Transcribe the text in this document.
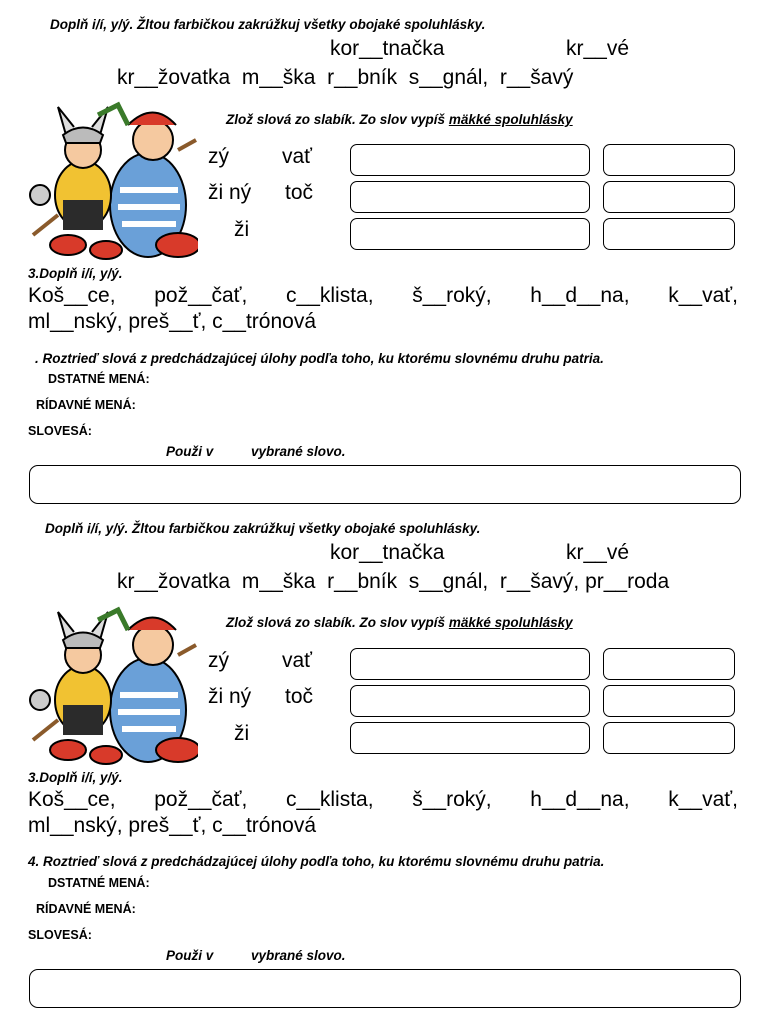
Doplň i/í, y/ý. Žltou farbičkou zakrúžkuj všetky obojaké spoluhlásky.
kor__tnačka	kr__vé
kr__žovatka  m__ška  r__bník  s__gnál,  r__šavý
Zlož slová zo slabík. Zo slov vypíš mäkké spoluhlásky
zý	vať
ži ný toč
ži
3.Doplň i/í, y/ý.
Koš__ce, pož__čať, c__klista, š__roký, h__d__na, k__vať,
ml__nský, preš__ť, c__trónová
. Roztrieď slová z predchádzajúcej úlohy podľa toho, ku ktorému slovnému druhu patria.
DSTATNÉ MENÁ:
RÍDAVNÉ MENÁ:
SLOVESÁ:
Použi v	vybrané slovo.
Doplň i/í, y/ý. Žltou farbičkou zakrúžkuj všetky obojaké spoluhlásky.
kor__tnačka	kr__vé
kr__žovatka  m__ška  r__bník  s__gnál,  r__šavý, pr__roda
Zlož slová zo slabík. Zo slov vypíš mäkké spoluhlásky
zý	vať
ži ný toč
ži
3.Doplň i/í, y/ý.
Koš__ce, pož__čať, c__klista, š__roký, h__d__na, k__vať,
ml__nský, preš__ť, c__trónová
4. Roztrieď slová z predchádzajúcej úlohy podľa toho, ku ktorému slovnému druhu patria.
DSTATNÉ MENÁ:
RÍDAVNÉ MENÁ:
SLOVESÁ:
Použi v	vybrané slovo.
